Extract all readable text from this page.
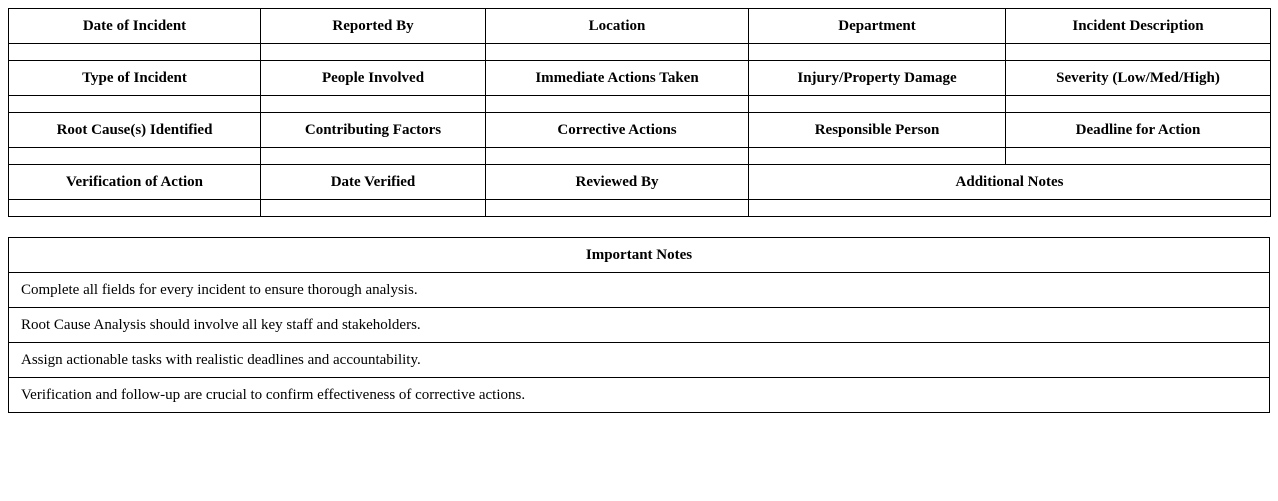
Date of Incident	Reported By	Location	Department	Incident Description

Type of Incident	People Involved	Immediate Actions Taken	Injury/Property Damage	Severity (Low/Med/High)

Root Cause(s) Identified	Contributing Factors	Corrective Actions	Responsible Person	Deadline for Action

Verification of Action	Date Verified	Reviewed By	Additional Notes	

Important Notes
Complete all fields for every incident to ensure thorough analysis.
Root Cause Analysis should involve all key staff and stakeholders.
Assign actionable tasks with realistic deadlines and accountability.
Verification and follow-up are crucial to confirm effectiveness of corrective actions.
